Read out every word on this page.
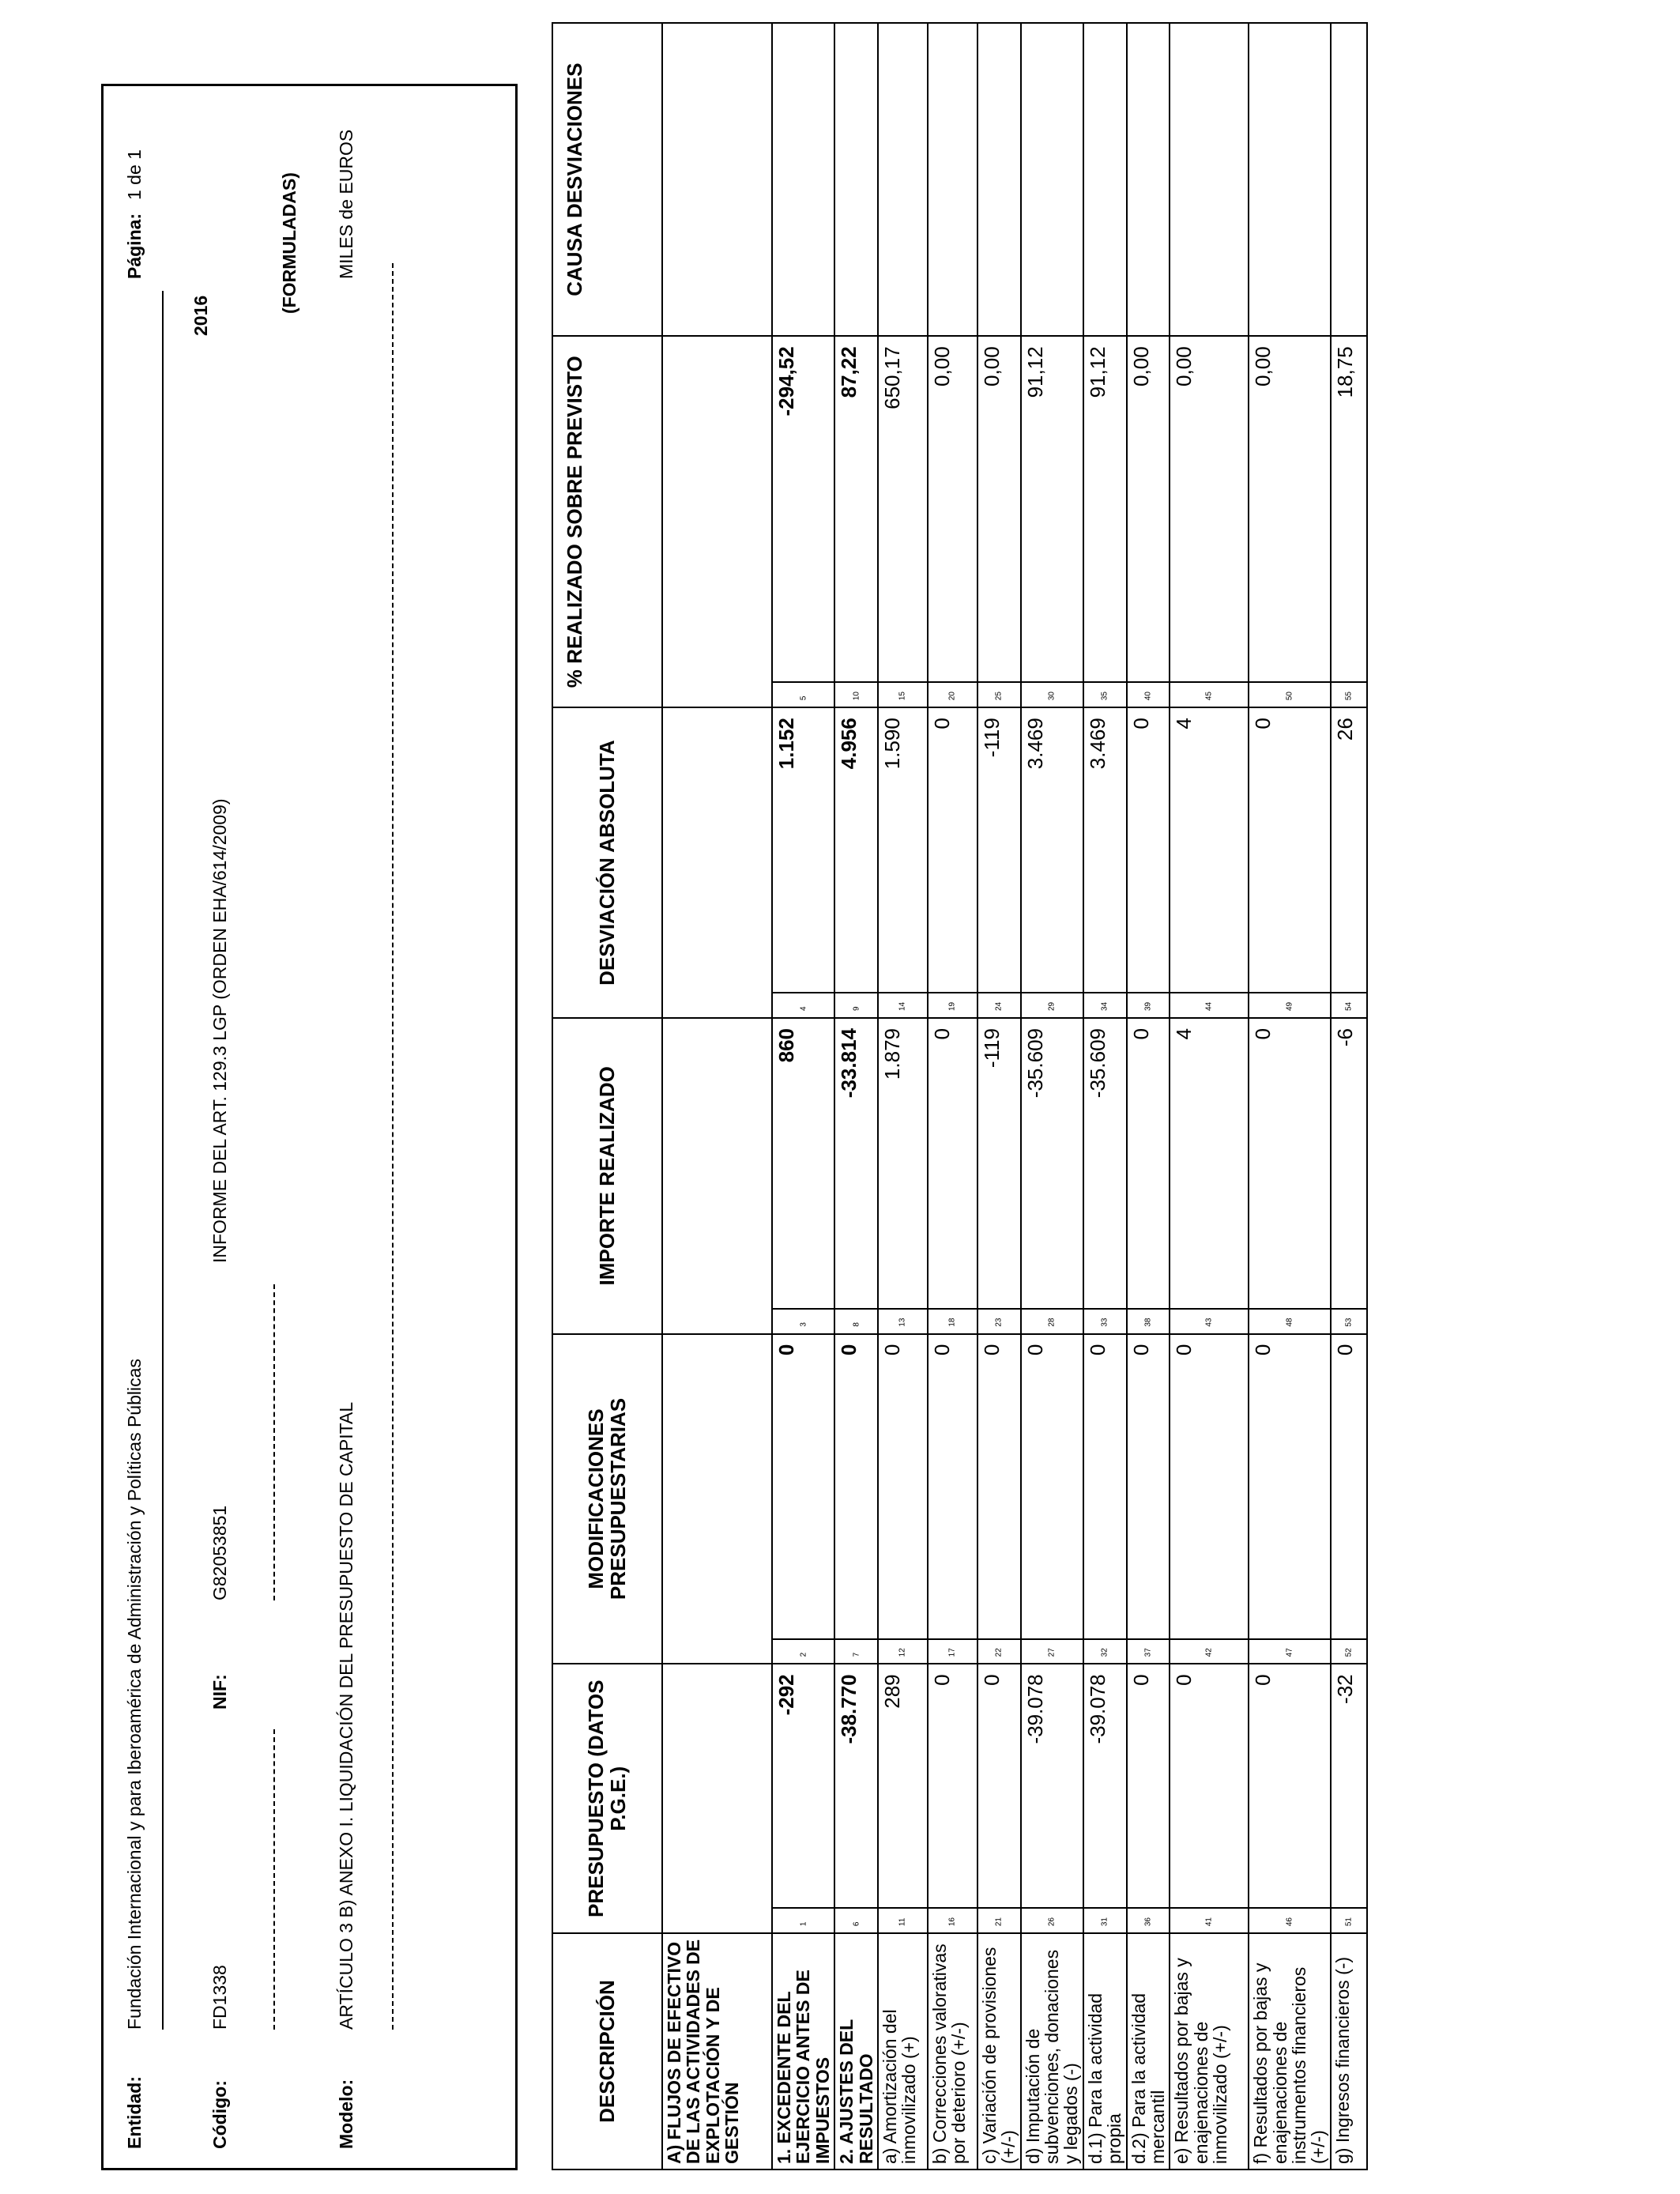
Entidad:
Fundación Internacional y para Iberoamérica de Administración y Políticas Públicas
Página:
1 de 1
2016
Código:
FD1338
NIF:
G82053851
INFORME DEL ART. 129.3 LGP (ORDEN EHA/614/2009)
(FORMULADAS)
Modelo:
ARTÍCULO 3 B) ANEXO I. LIQUIDACIÓN DEL PRESUPUESTO DE CAPITAL
MILES de EUROS
DESCRIPCIÓN	PRESUPUESTO (DATOS P.G.E.)		MODIFICACIONES PRESUPUESTARIAS		IMPORTE REALIZADO		DESVIACIÓN ABSOLUTA		% REALIZADO SOBRE PREVISTO		CAUSA DESVIACIONES
A) FLUJOS DE EFECTIVO DE LAS ACTIVIDADES DE EXPLOTACIÓN Y DE GESTIÓN											
1. EXCEDENTE DEL EJERCICIO ANTES DE IMPUESTOS	1	-292	2	0	3	860	4	1.152	5	-294,52	
2. AJUSTES DEL RESULTADO	6	-38.770	7	0	8	-33.814	9	4.956	10	87,22	
a) Amortización del inmovilizado (+)	11	289	12	0	13	1.879	14	1.590	15	650,17	
b) Correcciones valorativas por deterioro (+/-)	16	0	17	0	18	0	19	0	20	0,00	
c) Variación de provisiones (+/-)	21	0	22	0	23	-119	24	-119	25	0,00	
d) Imputación de subvenciones, donaciones y legados (-)	26	-39.078	27	0	28	-35.609	29	3.469	30	91,12	
d.1) Para la actividad propia	31	-39.078	32	0	33	-35.609	34	3.469	35	91,12	
d.2) Para la actividad mercantil	36	0	37	0	38	0	39	0	40	0,00	
e) Resultados por bajas y enajenaciones de inmovilizado (+/-)	41	0	42	0	43	4	44	4	45	0,00	
f) Resultados por bajas y enajenaciones de instrumentos financieros (+/-)	46	0	47	0	48	0	49	0	50	0,00	
g) Ingresos financieros (-)	51	-32	52	0	53	-6	54	26	55	18,75	
